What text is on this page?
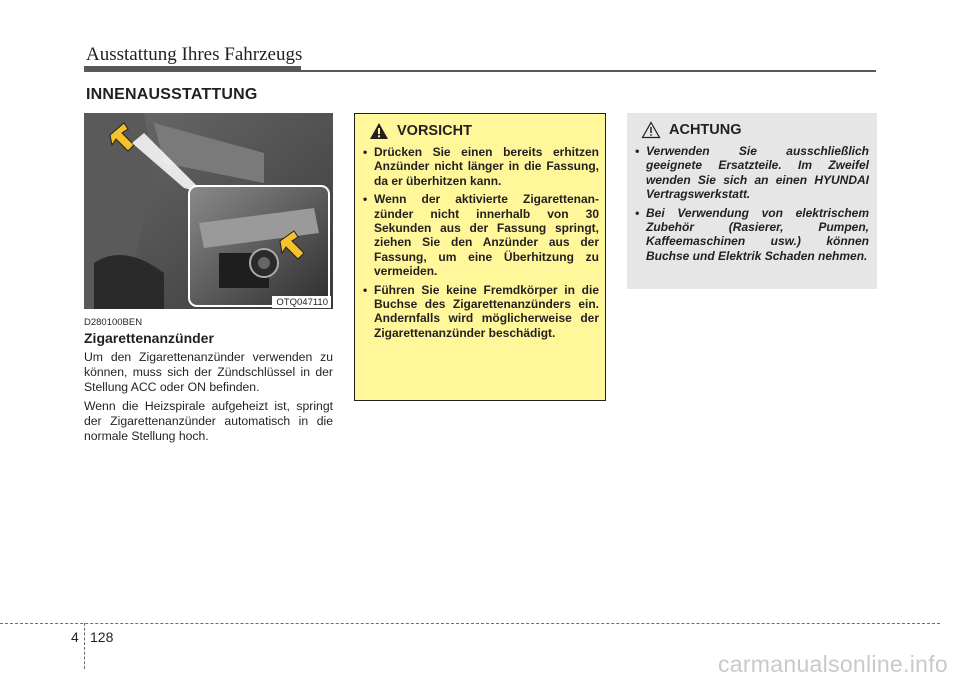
Ausstattung Ihres Fahrzeugs
INNENAUSSTATTUNG
OTQ047110
D280100BEN
Zigarettenanzünder

Um den Zigarettenanzünder verwenden zu können, muss sich der Zündschlüssel in der Stellung ACC oder ON befinden.

Wenn die Heizspirale aufgeheizt ist, springt der Zigarettenanzünder automatisch in die normale Stellung hoch.

VORSICHT
• Drücken Sie einen bereits erhitzen Anzünder nicht länger in die Fassung, da er überhitzen kann.
• Wenn der aktivierte Zigarettenan-zünder nicht innerhalb von 30 Sekunden aus der Fassung springt, ziehen Sie den Anzünder aus der Fassung, um eine Überhitzung zu vermeiden.
• Führen Sie keine Fremdkörper in die Buchse des Zigarettenanzünders ein. Andernfalls wird möglicherweise der Zigarettenanzünder beschädigt.
ACHTUNG
• Verwenden Sie ausschließlich geeignete Ersatzteile. Im Zweifel wenden Sie sich an einen HYUNDAI Vertragswerkstatt.
• Bei Verwendung von elektrischem Zubehör (Rasierer, Pumpen, Kaffeemaschinen usw.) können Buchse und Elektrik Schaden nehmen.
4 128
carmanualsonline.info
